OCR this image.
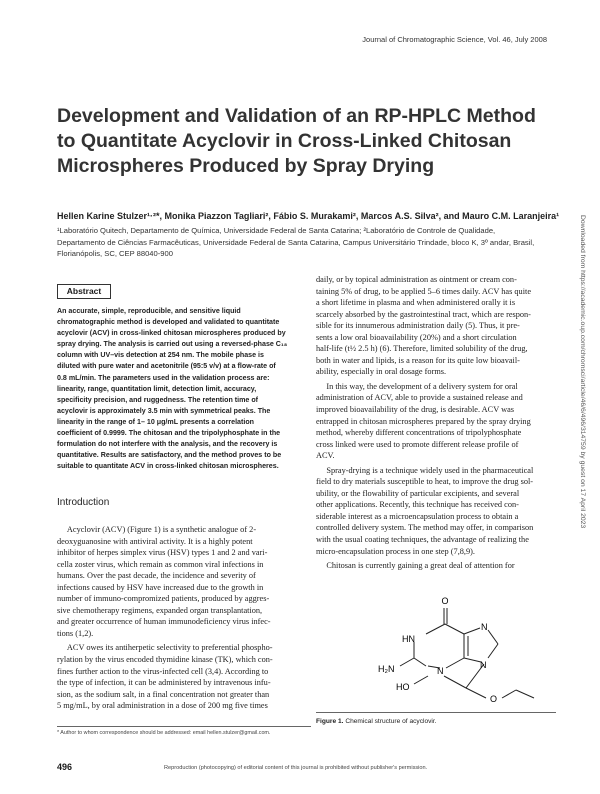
Journal of Chromatographic Science, Vol. 46, July 2008
Development and Validation of an RP-HPLC Method
to Quantitate Acyclovir in Cross-Linked Chitosan
Microspheres Produced by Spray Drying
Hellen Karine Stulzer¹·²*, Monika Piazzon Tagliari², Fábio S. Murakami², Marcos A.S. Silva², and Mauro C.M. Laranjeira¹
¹Laboratório Quitech, Departamento de Química, Universidade Federal de Santa Catarina; ²Laboratório de Controle de Qualidade,
Departamento de Ciências Farmacêuticas, Universidade Federal de Santa Catarina, Campus Universitário Trindade, bloco K, 3º andar, Brasil,
Florianópolis, SC, CEP 88040-900	Downloaded from https://academic.oup.com/chromsci/article/46/6/496/314759 by guest on 17 April 2023
Abstract
An accurate, simple, reproducible, and sensitive liquid
chromatographic method is developed and validated to quantitate
acyclovir (ACV) in cross-linked chitosan microspheres produced by
spray drying. The analysis is carried out using a reversed-phase C₁₈
column with UV–vis detection at 254 nm. The mobile phase is
diluted with pure water and acetonitrile (95:5 v/v) at a flow-rate of
0.8 mL/min. The parameters used in the validation process are:
linearity, range, quantitation limit, detection limit, accuracy,
specificity precision, and ruggedness. The retention time of
acyclovir is approximately 3.5 min with symmetrical peaks. The
linearity in the range of 1– 10 μg/mL presents a correlation
coefficient of 0.9999. The chitosan and the tripolyphosphate in the
formulation do not interfere with the analysis, and the recovery is
quantitative. Results are satisfactory, and the method proves to be
suitable to quantitate ACV in cross-linked chitosan microspheres.
Introduction
Acyclovir (ACV) (Figure 1) is a synthetic analogue of 2-
deoxyguanosine with antiviral activity. It is a highly potent
inhibitor of herpes simplex virus (HSV) types 1 and 2 and vari-
cella zoster virus, which remain as common viral infections in
humans. Over the past decade, the incidence and severity of
infections caused by HSV have increased due to the growth in
number of immuno-compromized patients, produced by aggres-
sive chemotherapy regimens, expanded organ transplantation,
and greater occurrence of human immunodeficiency virus infec-
tions (1,2).
ACV owes its antiherpetic selectivity to preferential phospho-
rylation by the virus encoded thymidine kinase (TK), which con-
fines further action to the virus-infected cell (3,4). According to
the type of infection, it can be administered by intravenous infu-
sion, as the sodium salt, in a final concentration not greater than
5 mg/mL, by oral administration in a dose of 200 mg five times
* Author to whom correspondence should be addressed: email hellen.stulzer@gmail.com.
daily, or by topical administration as ointment or cream con-
taining 5% of drug, to be applied 5–6 times daily. ACV has quite
a short lifetime in plasma and when administered orally it is
scarcely absorbed by the gastrointestinal tract, which are respon-
sible for its innumerous administration daily (5). Thus, it pre-
sents a low oral bioavailability (20%) and a short circulation
half-life (t½ 2.5 h) (6). Therefore, limited solubility of the drug,
both in water and lipids, is a reason for its quite low bioavail-
ability, especially in oral dosage forms.
In this way, the development of a delivery system for oral
administration of ACV, able to provide a sustained release and
improved bioavailability of the drug, is desirable. ACV was
entrapped in chitosan microspheres prepared by the spray drying
method, whereby different concentrations of tripolyphosphate
cross linked were used to promote different release profile of
ACV.
Spray-drying is a technique widely used in the pharmaceutical
field to dry materials susceptible to heat, to improve the drug sol-
ubility, or the flowability of particular excipients, and several
other applications. Recently, this technique has received con-
siderable interest as a microencapsulation process to obtain a
controlled delivery system. The method may offer, in comparison
with the usual coating techniques, the advantage of realizing the
micro-encapsulation process in one step (7,8,9).
Chitosan is currently gaining a great deal of attention for
O
HN
N
N
N
H₂N
HO
O
Figure 1. Chemical structure of acyclovir.
496	Reproduction (photocopying) of editorial content of this journal is prohibited without publisher's permission.
